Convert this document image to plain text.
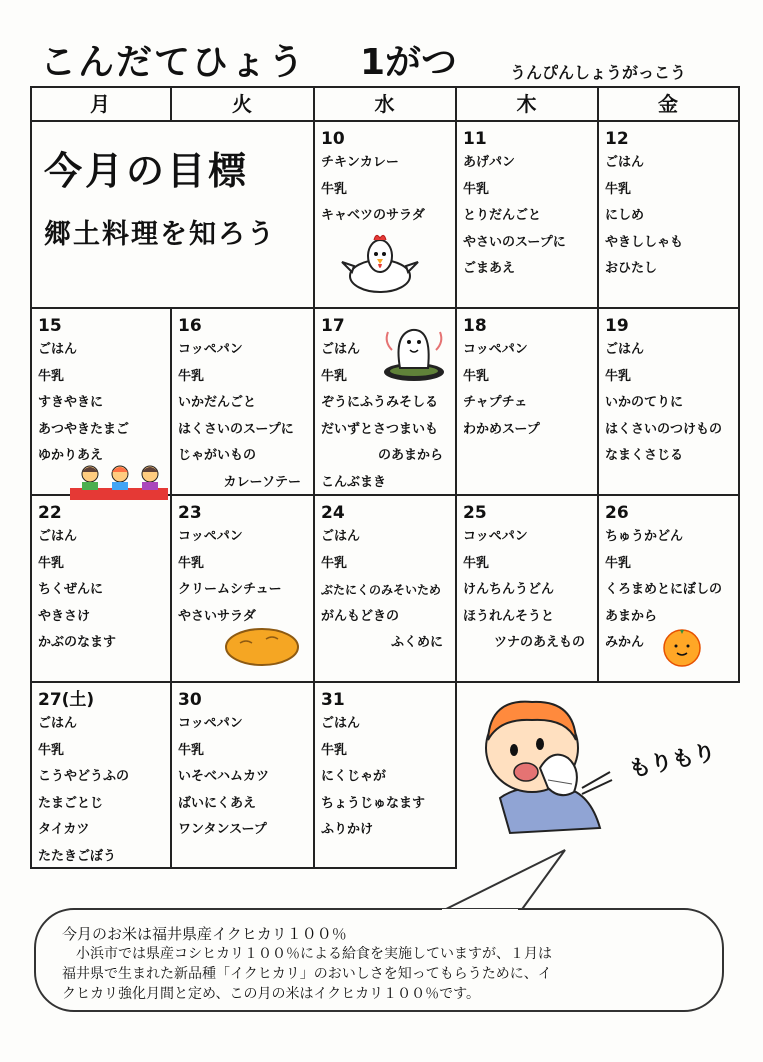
こんだてひょう 1がつ	うんぴんしょうがっこう
月	火	水	木	金
今月の目標
郷土料理を知ろう
10
チキンカレー
牛乳
キャベツのサラダ
11
あげパン
牛乳
とりだんごと
やさいのスープに
ごまあえ
12
ごはん
牛乳
にしめ
やきししゃも
おひたし
15
ごはん
牛乳
すきやきに
あつやきたまご
ゆかりあえ
16
コッペパン
牛乳
いかだんごと
はくさいのスープに
じゃがいもの
カレーソテー
17
ごはん
牛乳
ぞうにふうみそしる
だいずとさつまいも
のあまから
こんぶまき
18
コッペパン
牛乳
チャプチェ
わかめスープ
19
ごはん
牛乳
いかのてりに
はくさいのつけもの
なまくさじる
22
ごはん
牛乳
ちくぜんに
やきさけ
かぶのなます
23
コッペパン
牛乳
クリームシチュー
やさいサラダ
24
ごはん
牛乳
ぶたにくのみそいため
がんもどきの
ふくめに
25
コッペパン
牛乳
けんちんうどん
ほうれんそうと
ツナのあえもの
26
ちゅうかどん
牛乳
くろまめとにぼしの
あまから
みかん
27(土)
ごはん
牛乳
こうやどうふの
たまごとじ
タイカツ
たたきごぼう
30
コッペパン
牛乳
いそべハムカツ
ばいにくあえ
ワンタンスープ
31
ごはん
牛乳
にくじゃが
ちょうじゅなます
ふりかけ
もりもり
今月のお米は福井県産イクヒカリ１００％
小浜市では県産コシヒカリ１００％による給食を実施していますが、１月は
福井県で生まれた新品種「イクヒカリ」のおいしさを知ってもらうために、イ
クヒカリ強化月間と定め、この月の米はイクヒカリ１００％です。
